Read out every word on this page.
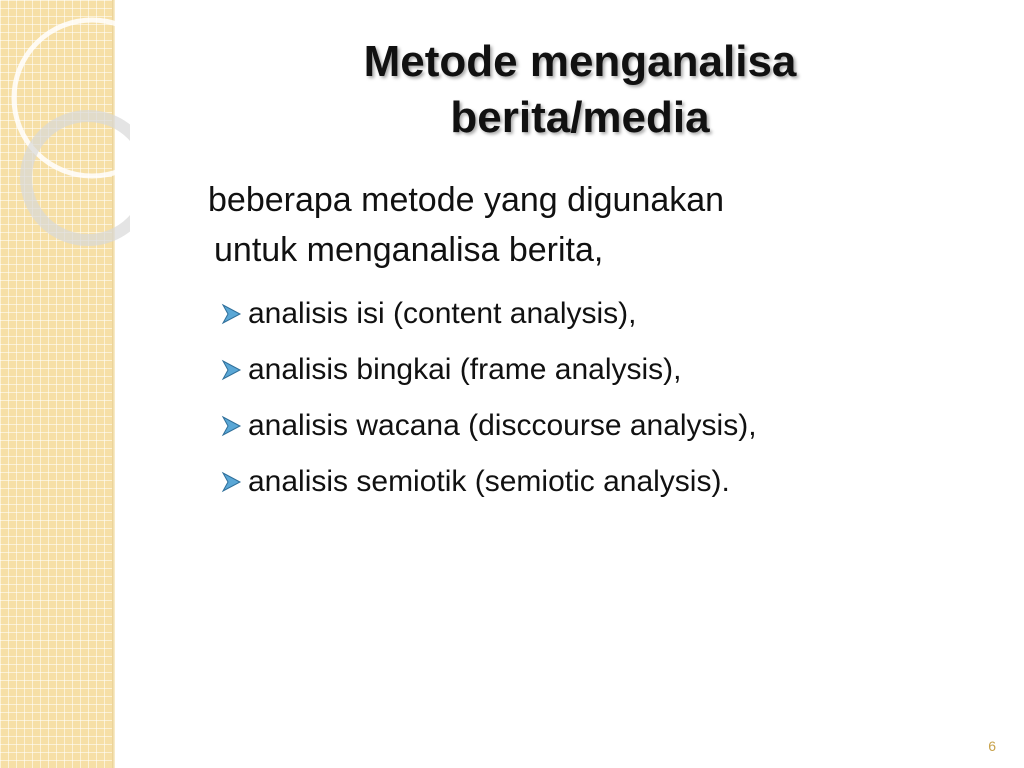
Metode menganalisa
berita/media
beberapa metode yang digunakan
untuk menganalisa berita,
analisis isi (content analysis),
analisis bingkai (frame analysis),
analisis wacana (disccourse analysis),
analisis semiotik (semiotic analysis).
6
